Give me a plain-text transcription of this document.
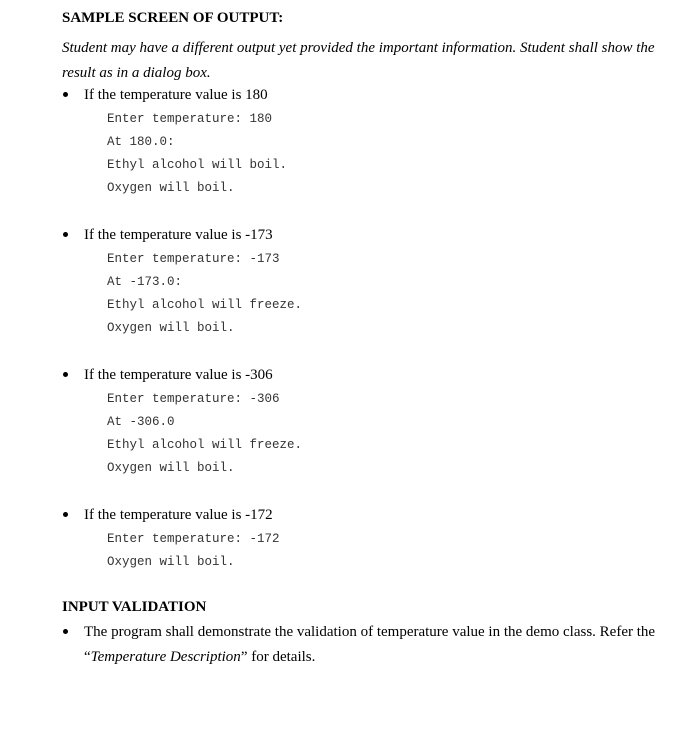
SAMPLE SCREEN OF OUTPUT:
Student may have a different output yet provided the important information. Student shall show the
result as in a dialog box.
If the temperature value is 180
Enter temperature: 180
At 180.0:
Ethyl alcohol will boil.
Oxygen will boil.
If the temperature value is -173
Enter temperature: -173
At -173.0:
Ethyl alcohol will freeze.
Oxygen will boil.
If the temperature value is -306
Enter temperature: -306
At -306.0
Ethyl alcohol will freeze.
Oxygen will boil.
If the temperature value is -172
Enter temperature: -172
Oxygen will boil.
INPUT VALIDATION
The program shall demonstrate the validation of temperature value in the demo class. Refer the
“Temperature Description” for details.
